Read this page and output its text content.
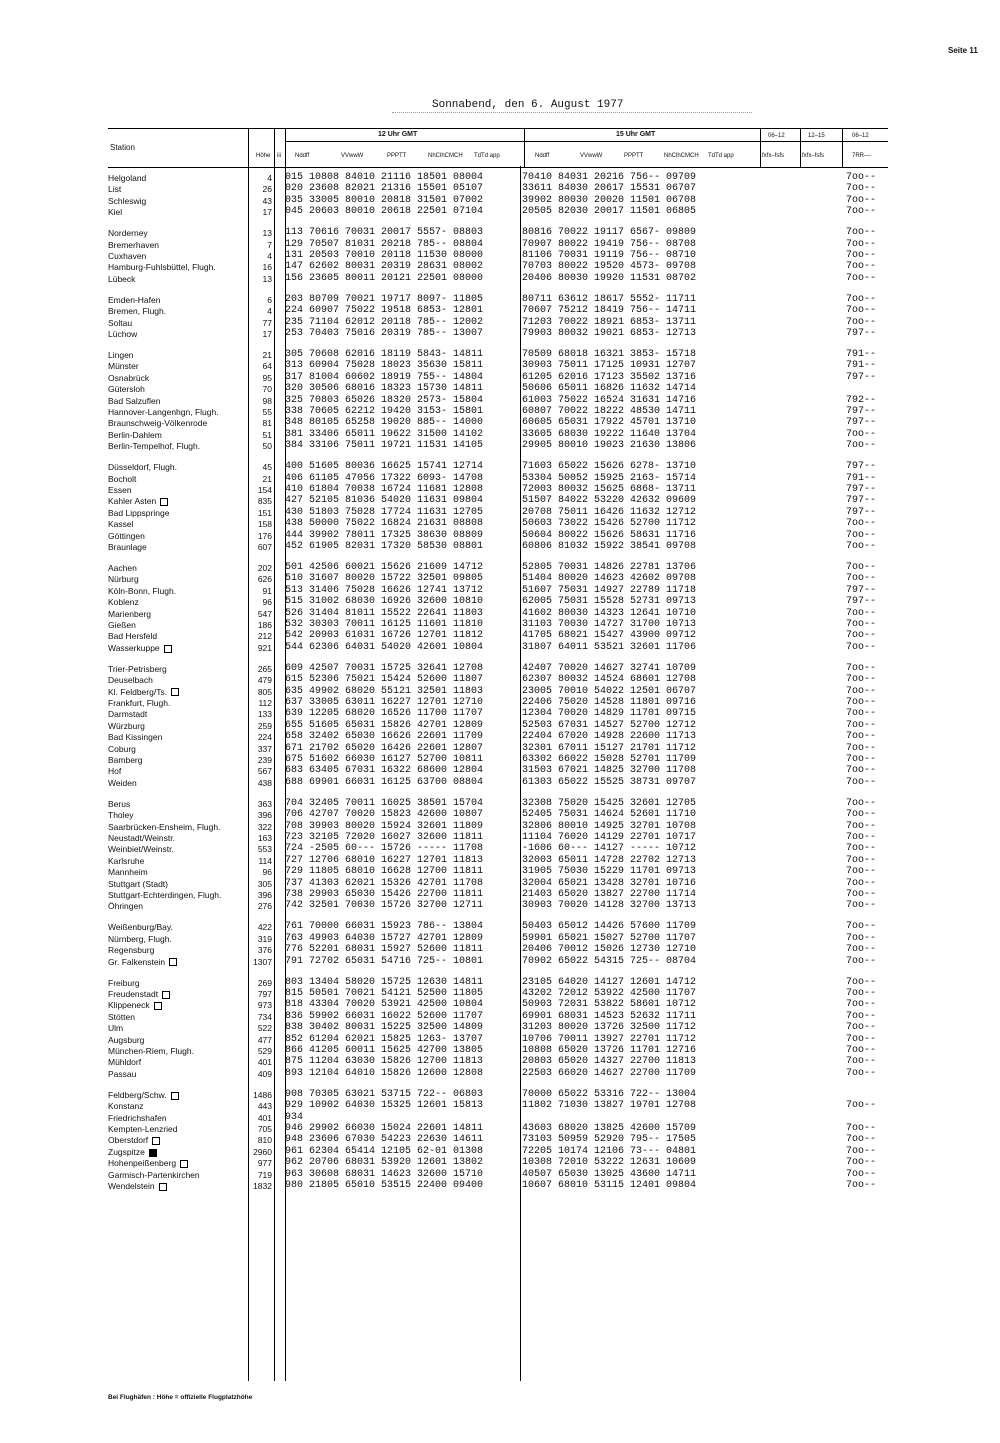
Seite 11
Sonnabend, den 6. August 1977
Station
Höhe iii
12 Uhr GMT	15 Uhr GMT
Nddff	VVwwW	PPPTT	NhClhCMCH TdTd app	Nddff	VVwwW	PPPTT	NhClhCMCH TdTd app
06–12	12–15	06–12
fxfx–fsfs	fxfx–fsfs	7RR––
Helgoland	4 015 10808 84010 21116 18501 08004	70410 84031 20216 756-- 09709	7oo--
List	26 020 23608 82021 21316 15501 05107	33611 84030 20617 15531 06707	7oo--
Schleswig	43 035 33005 80010 20818 31501 07002	39902 80030 20020 11501 06708	7oo--
Kiel	17 045 20603 80010 20618 22501 07104	20505 82030 20017 11501 06805	7oo--
Norderney	13 113 70616 70031 20017 5557- 08803	80816 70022 19117 6567- 09809	7oo--
Bremerhaven	7 129 70507 81031 20218 785-- 08804	70907 80022 19419 756-- 08708	7oo--
Cuxhaven	4 131 20503 70010 20118 11530 08000	81106 70031 19119 756-- 08710	7oo--
Hamburg-Fuhlsbüttel, Flugh.	16 147 62602 80031 20319 28631 08002	70703 80022 19520 4573- 09708	7oo--
Lübeck	13 156 23605 80011 20121 22501 08000	20406 80030 19920 11531 08702	7oo--
Emden-Hafen	6 203 80709 70021 19717 8097- 11805	80711 63612 18617 5552- 11711	7oo--
Bremen, Flugh.	4 224 60907 75022 19518 6853- 12801	70607 75212 18419 756-- 14711	7oo--
Soltau	77 235 71104 62012 20118 785-- 12002	71203 70022 18921 6853- 13711	7oo--
Lüchow	17 253 70403 75016 20319 785-- 13007	79903 80032 19021 6853- 12713	797--
Lingen	21 305 70608 62016 18119 5843- 14811	70509 68018 16321 3853- 15718	791--
Münster	64 313 60904 75028 18023 35630 15811	30903 75011 17125 10931 12707	791--
Osnabrück	95 317 81004 60602 18919 755-- 14804	61205 62016 17123 35502 13716	797--
Gütersloh	70 320 30506 68016 18323 15730 14811	50606 65011 16826 11632 14714
Bad Salzuflen	98 325 70803 65026 18320 2573- 15804	61003 75022 16524 31631 14716	792--
Hannover-Langenhgn, Flugh.	55 338 70605 62212 19420 3153- 15801	60807 70022 18222 48530 14711	797--
Braunschweig-Völkenrode	81 348 80105 65258 19020 885-- 14000	60605 65031 17922 45701 13710	797--
Berlin-Dahlem	51 381 33406 65011 19622 31500 14102	33605 68030 19222 11640 13704	7oo--
Berlin-Tempelhof, Flugh.	50 384 33106 75011 19721 11531 14105	29905 80010 19023 21630 13806	7oo--
Düsseldorf, Flugh.	45 400 51605 80036 16625 15741 12714	71603 65022 15626 6278- 13710	797--
Bocholt	21 406 61105 47056 17322 6093- 14708	53304 50052 15925 2163- 15714	791--
Essen	154 410 61804 70038 16724 11681 12808	72003 80032 15625 6868- 13711	797--
Kahler Asten	835 427 52105 81036 54020 11631 09804	51507 84022 53220 42632 09609	797--
Bad Lippspringe	151 430 51803 75028 17724 11631 12705	20708 75011 16426 11632 12712	797--
Kassel	158 438 50000 75022 16824 21631 08808	50603 73022 15426 52700 11712	7oo--
Göttingen	176 444 39902 78011 17325 38630 08809	50604 80022 15626 58631 11716	7oo--
Braunlage	607 452 61905 82031 17320 58530 08801	60806 81032 15922 38541 09708	7oo--
Aachen	202 501 42506 60021 15626 21609 14712	52805 70031 14826 22781 13706	7oo--
Nürburg	626 510 31607 80020 15722 32501 09805	51404 80020 14623 42602 09708	7oo--
Köln-Bonn, Flugh.	91 513 31406 75028 16626 12741 13712	51607 75031 14927 22789 11718	797--
Koblenz	96 515 31002 68030 16926 32600 10810	62005 75031 15528 52731 09713	797--
Marienberg	547 526 31404 81011 15522 22641 11803	41602 80030 14323 12641 10710	7oo--
Gießen	186 532 30303 70011 16125 11601 11810	31103 70030 14727 31700 10713	7oo--
Bad Hersfeld	212 542 20903 61031 16726 12701 11812	41705 68021 15427 43900 09712	7oo--
Wasserkuppe	921 544 62306 64031 54020 42601 10804	31807 64011 53521 32601 11706	7oo--
Trier-Petrisberg	265 609 42507 70031 15725 32641 12708	42407 70020 14627 32741 10709	7oo--
Deuselbach	479 615 52306 75021 15424 52600 11807	62307 80032 14524 68601 12708	7oo--
Kl. Feldberg/Ts.	805 635 49902 68020 55121 32501 11803	23005 70010 54022 12501 06707	7oo--
Frankfurt, Flugh.	112 637 33005 63011 16227 12701 12710	22406 75020 14528 11801 09716	7oo--
Darmstadt	133 639 12205 68020 16526 11700 11707	12304 70020 14829 11701 09715	7oo--
Würzburg	259 655 51605 65031 15826 42701 12809	52503 67031 14527 52700 12712	7oo--
Bad Kissingen	224 658 32402 65030 16626 22601 11709	22404 67020 14928 22600 11713	7oo--
Coburg	337 671 21702 65020 16426 22601 12807	32301 67011 15127 21701 11712	7oo--
Bamberg	239 675 51602 66030 16127 52700 10811	63302 66022 15028 52701 11709	7oo--
Hof	567 683 63405 67031 16322 68600 12804	31503 67021 14825 32700 11708	7oo--
Weiden	438 688 69901 66031 16125 63700 08804	61303 65022 15525 38731 09707	7oo--
Berus	363 704 32405 70011 16025 38501 15704	32308 75020 15425 32601 12705	7oo--
Tholey	396 706 42707 70020 15823 42600 10807	52405 75031 14624 52601 11710	7oo--
Saarbrücken-Ensheim, Flugh.	322 708 39903 80020 15924 32601 11809	32806 80010 14925 32701 10708	7oo--
Neustadt/Weinstr.	163 723 32105 72020 16027 32600 11811	11104 76020 14129 22701 10717	7oo--
Weinbiet/Weinstr.	553 724 -2505 60--- 15726 ----- 11708	-1606 60--- 14127 ----- 10712	7oo--
Karlsruhe	114 727 12706 68010 16227 12701 11813	32003 65011 14728 22702 12713	7oo--
Mannheim	96 729 11805 68010 16628 12700 11811	31905 75030 15229 11701 09713	7oo--
Stuttgart (Stadt)	305 737 41303 62021 15326 42701 11708	32004 65021 13428 32701 10716	7oo--
Stuttgart-Echterdingen, Flugh.	396 738 29903 65030 15426 22700 11811	21403 65020 13827 22700 11714	7oo--
Öhringen	276 742 32501 70030 15726 32700 12711	30903 70020 14128 32700 13713	7oo--
Weißenburg/Bay.	422 761 70000 66031 15923 786-- 13804	50403 65012 14426 57600 11709	7oo--
Nürnberg, Flugh.	319 763 49903 64030 15727 42701 12809	59901 65021 15027 52700 11707	7oo--
Regensburg	376 776 52201 68031 15927 52600 11811	20406 70012 15026 12730 12710	7oo--
Gr. Falkenstein	1307 791 72702 65031 54716 725-- 10801	70902 65022 54315 725-- 08704	7oo--
Freiburg	269 803 13404 58020 15725 12630 14811	23105 64020 14127 12601 14712	7oo--
Freudenstadt	797 815 50501 70021 54121 52500 11805	43202 72012 53922 42500 11707	7oo--
Klippeneck	973 818 43304 70020 53921 42500 10804	50903 72031 53822 58601 10712	7oo--
Stötten	734 836 59902 66031 16022 52600 11707	69901 68031 14523 52632 11711	7oo--
Ulm	522 838 30402 80031 15225 32500 14809	31203 80020 13726 32500 11712	7oo--
Augsburg	477 852 61204 62021 15825 1263- 13707	10706 70011 13927 22701 11712	7oo--
München-Riem, Flugh.	529 866 41205 60011 15625 42700 13805	10808 65020 13726 11701 12716	7oo--
Mühldorf	401 875 11204 63030 15826 12700 11813	20803 65020 14327 22700 11813	7oo--
Passau	409 893 12104 64010 15826 12600 12808	22503 66020 14627 22700 11709	7oo--
Feldberg/Schw.	1486 908 70305 63021 53715 722-- 06803	70000 65022 53316 722-- 13004
Konstanz	443 929 10902 64030 15325 12601 15813	11802 71030 13827 19701 12708	7oo--
Friedrichshafen	401 934
Kempten-Lenzried	705 946 29902 66030 15024 22601 14811	43603 68020 13825 42600 15709	7oo--
Oberstdorf	810 948 23606 67030 54223 22630 14611	73103 50959 52920 795-- 17505	7oo--
Zugspitze	2960 961 62304 65414 12105 62-01 01308	72205 10174 12106 73--- 04801	7oo--
Hohenpeißenberg	977 962 20706 68031 53920 12601 13802	10308 72010 53222 12631 10609	7oo--
Garmisch-Partenkirchen	719 963 30608 68031 14623 32600 15710	40507 65030 13025 43600 14711	7oo--
Wendelstein	1832 980 21805 65010 53515 22400 09400	10607 68010 53115 12401 09804	7oo--
Bei Flughäfen : Höhe = offizielle Flugplatzhöhe
